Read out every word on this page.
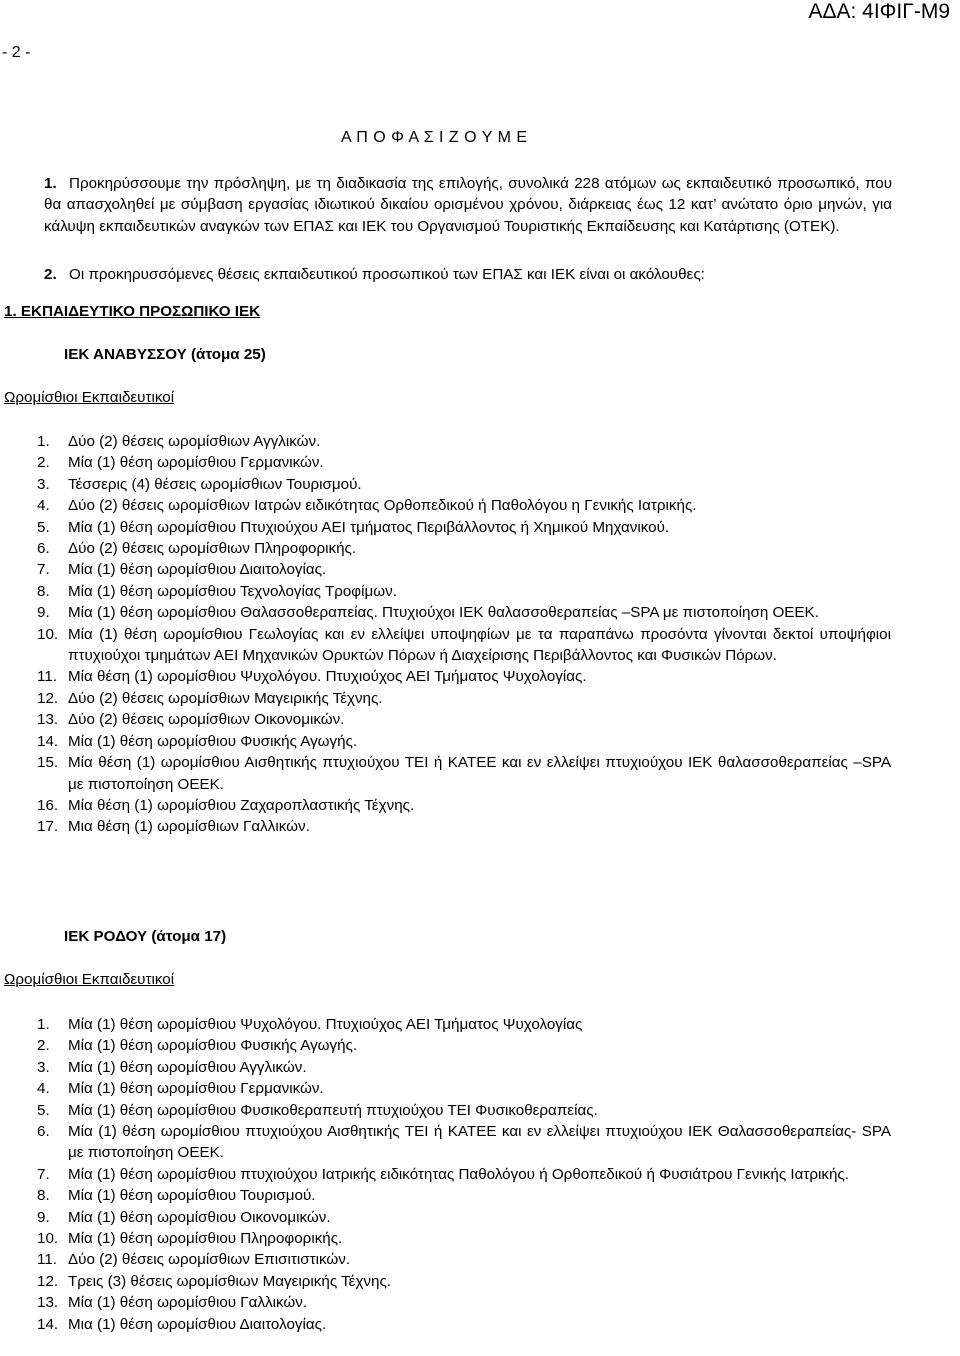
ΑΔΑ: 4ΙΦΙΓ-Μ9
- 2 -
Α Π Ο Φ Α Σ Ι Ζ Ο Υ Μ Ε
1. Προκηρύσσουμε την πρόσληψη, με τη διαδικασία της επιλογής, συνολικά 228 ατόμων ως εκπαιδευτικό προσωπικό, που θα απασχοληθεί με σύμβαση εργασίας ιδιωτικού δικαίου ορισμένου χρόνου, διάρκειας έως 12 κατ’ ανώτατο όριο μηνών, για κάλυψη εκπαιδευτικών αναγκών των ΕΠΑΣ και ΙΕΚ του Οργανισμού Τουριστικής Εκπαίδευσης και Κατάρτισης (ΟΤΕΚ).
2. Οι προκηρυσσόμενες θέσεις εκπαιδευτικού προσωπικού των ΕΠΑΣ και ΙΕΚ είναι οι ακόλουθες:
1. ΕΚΠΑΙΔΕΥΤΙΚΟ ΠΡΟΣΩΠΙΚΟ ΙΕΚ
ΙΕΚ ΑΝΑΒΥΣΣΟΥ (άτομα 25)
Ωρομίσθιοι Εκπαιδευτικοί
1. Δύο (2) θέσεις ωρομίσθιων Αγγλικών.
2. Μία (1) θέση ωρομίσθιου Γερμανικών.
3. Τέσσερις (4) θέσεις ωρομίσθιων Τουρισμού.
4. Δύο (2) θέσεις ωρομίσθιων Ιατρών ειδικότητας Ορθοπεδικού ή Παθολόγου η Γενικής Ιατρικής.
5. Μία (1) θέση ωρομίσθιου Πτυχιούχου ΑΕΙ τμήματος Περιβάλλοντος ή Χημικού Μηχανικού.
6. Δύο (2) θέσεις ωρομίσθιων Πληροφορικής.
7. Μία (1) θέση ωρομίσθιου Διαιτολογίας.
8. Μία (1) θέση ωρομίσθιου Τεχνολογίας Τροφίμων.
9. Μία (1) θέση ωρομίσθιου Θαλασσοθεραπείας. Πτυχιούχοι ΙΕΚ θαλασσοθεραπείας –SPA με πιστοποίηση ΟΕΕΚ.
10. Μία (1) θέση ωρομίσθιου Γεωλογίας και εν ελλείψει υποψηφίων με τα παραπάνω προσόντα γίνονται δεκτοί υποψήφιοι πτυχιούχοι τμημάτων ΑΕΙ Μηχανικών Ορυκτών Πόρων ή Διαχείρισης Περιβάλλοντος και Φυσικών Πόρων.
11. Μία θέση (1) ωρομίσθιου Ψυχολόγου. Πτυχιούχος ΑΕΙ Τμήματος Ψυχολογίας.
12. Δύο (2) θέσεις ωρομίσθιων Μαγειρικής Τέχνης.
13. Δύο (2) θέσεις ωρομίσθιων Οικονομικών.
14. Μία (1) θέση ωρομίσθιου Φυσικής Αγωγής.
15. Μία θέση (1) ωρομίσθιου Αισθητικής πτυχιούχου ΤΕΙ ή ΚΑΤΕΕ και εν ελλείψει πτυχιούχου ΙΕΚ θαλασσοθεραπείας –SPA με πιστοποίηση ΟΕΕΚ.
16. Μία θέση (1) ωρομίσθιου Ζαχαροπλαστικής Τέχνης.
17. Μια θέση (1) ωρομίσθιων Γαλλικών.
ΙΕΚ ΡΟΔΟΥ (άτομα 17)
Ωρομίσθιοι Εκπαιδευτικοί
1. Μία (1) θέση ωρομίσθιου Ψυχολόγου. Πτυχιούχος ΑΕΙ Τμήματος Ψυχολογίας
2. Μία (1) θέση ωρομίσθιου Φυσικής Αγωγής.
3. Μία (1) θέση ωρομίσθιου Αγγλικών.
4. Μία (1) θέση ωρομίσθιου Γερμανικών.
5. Μία (1) θέση ωρομίσθιου Φυσικοθεραπευτή πτυχιούχου ΤΕΙ Φυσικοθεραπείας.
6. Μία (1) θέση ωρομίσθιου πτυχιούχου Αισθητικής ΤΕΙ ή ΚΑΤΕΕ και εν ελλείψει πτυχιούχου ΙΕΚ Θαλασσοθεραπείας- SPA με πιστοποίηση ΟΕΕΚ.
7. Μία (1) θέση ωρομίσθιου πτυχιούχου Ιατρικής ειδικότητας Παθολόγου ή Ορθοπεδικού ή Φυσιάτρου Γενικής Ιατρικής.
8. Μία (1) θέση ωρομίσθιου Τουρισμού.
9. Μία (1) θέση ωρομίσθιου Οικονομικών.
10. Μία (1) θέση ωρομίσθιου Πληροφορικής.
11. Δύο (2) θέσεις ωρομίσθιων Επισιτιστικών.
12. Τρεις (3) θέσεις ωρομίσθιων Μαγειρικής Τέχνης.
13. Μία (1) θέση ωρομίσθιου Γαλλικών.
14. Μια (1) θέση ωρομίσθιου Διαιτολογίας.
